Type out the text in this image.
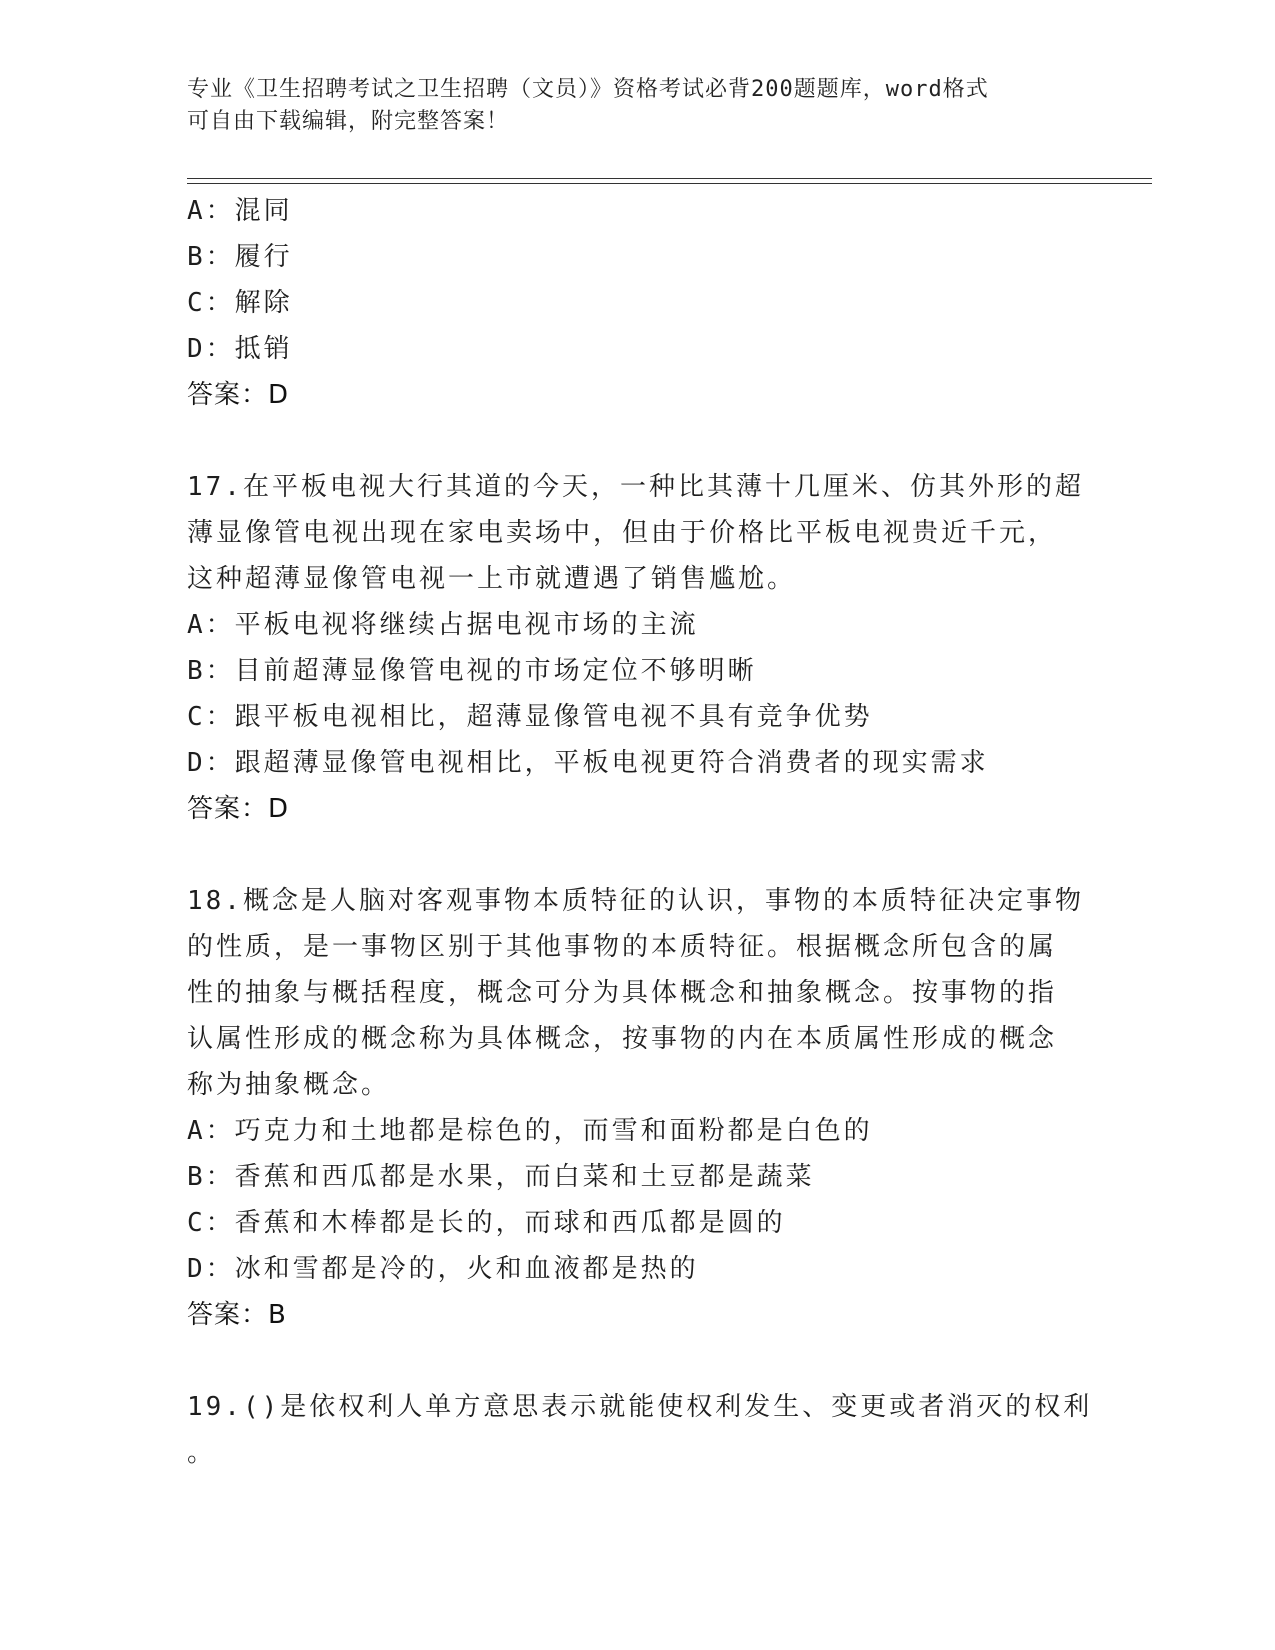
专业《卫生招聘考试之卫生招聘（文员）》资格考试必背200题题库，word格式
可自由下载编辑，附完整答案！
A：混同
B：履行
C：解除
D：抵销
答案：D
17.在平板电视大行其道的今天，一种比其薄十几厘米、仿其外形的超
薄显像管电视出现在家电卖场中，但由于价格比平板电视贵近千元，
这种超薄显像管电视一上市就遭遇了销售尴尬。
A：平板电视将继续占据电视市场的主流
B：目前超薄显像管电视的市场定位不够明晰
C：跟平板电视相比，超薄显像管电视不具有竞争优势
D：跟超薄显像管电视相比，平板电视更符合消费者的现实需求
答案：D
18.概念是人脑对客观事物本质特征的认识，事物的本质特征决定事物
的性质，是一事物区别于其他事物的本质特征。根据概念所包含的属
性的抽象与概括程度，概念可分为具体概念和抽象概念。按事物的指
认属性形成的概念称为具体概念，按事物的内在本质属性形成的概念
称为抽象概念。
A：巧克力和土地都是棕色的，而雪和面粉都是白色的
B：香蕉和西瓜都是水果，而白菜和土豆都是蔬菜
C：香蕉和木棒都是长的，而球和西瓜都是圆的
D：冰和雪都是冷的，火和血液都是热的
答案：B
19.()是依权利人单方意思表示就能使权利发生、变更或者消灭的权利
。
